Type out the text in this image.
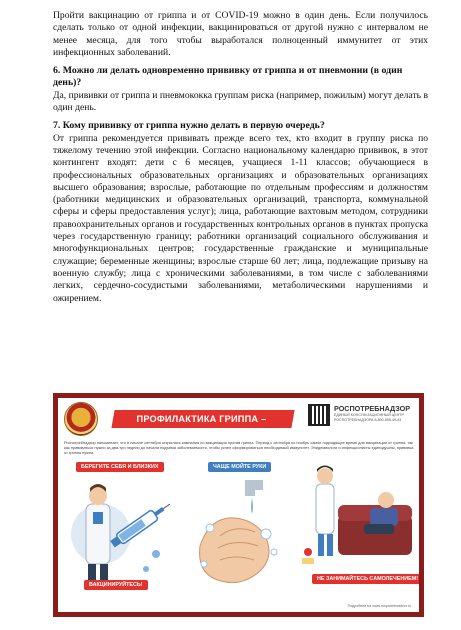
Пройти вакцинацию от гриппа и от COVID-19 можно в один день. Если получилось сделать только от одной инфекции, вакцинироваться от другой нужно с интервалом не менее месяца, для того чтобы выработался полноценный иммунитет от этих инфекционных заболеваний.

6. Можно ли делать одновременно прививку от гриппа и от пневмонии (в один день)?

Да, прививки от гриппа и пневмококка группам риска (например, пожилым) могут делать в один день.

7. Кому прививку от гриппа нужно делать в первую очередь?

От гриппа рекомендуется прививать прежде всего тех, кто входит в группу риска по тяжелому течению этой инфекции. Согласно национальному календарю прививок, в этот контингент входят: дети с 6 месяцев, учащиеся 1-11 классов; обучающиеся в профессиональных образовательных организациях и образовательных организациях высшего образования; взрослые, работающие по отдельным профессиям и должностям (работники медицинских и образовательных организаций, транспорта, коммунальной сферы и сферы предоставления услуг); лица, работающие вахтовым методом, сотрудники правоохранительных органов и государственных контрольных органов в пунктах пропуска через государственную границу; работники организаций социального обслуживания и многофункциональных центров; государственные гражданские и муниципальные служащие; беременные женщины; взрослые старше 60 лет; лица, подлежащие призыву на военную службу; лица с хроническими заболеваниями, в том числе с заболеваниями легких, сердечно-сосудистыми заболеваниями, метаболическими нарушениями и ожирением.

ПРОФИЛАКТИКА ГРИППА – ВАКЦИНАЦИЯ!
РОСПОТРЕБНАДЗОР
ЕДИНЫЙ КОНСУЛЬТАЦИОННЫЙ ЦЕНТР РОСПОТРЕБНАДЗОРА 8-800-555-49-43
Роспотребнадзор напоминает, что в начале сентября открылась кампания по вакцинации против гриппа. Период с сентября по ноябрь самое подходящее время для вакцинации от гриппа, так как прививаться нужно за два-три недели до начала подъема заболеваемости, чтобы успел сформироваться необходимый иммунитет. Эпидемиологи и инфекционисты единодушны, прививка от гриппа нужна.
БЕРЕГИТЕ СЕБЯ И БЛИЗКИХ
ВАКЦИНИРУЙТЕСЬ!
ЧАЩЕ МОЙТЕ РУКИ
НЕ ЗАНИМАЙТЕСЬ САМОЛЕЧЕНИЕМ!
Подробнее на www.rospotrebnadzor.ru
